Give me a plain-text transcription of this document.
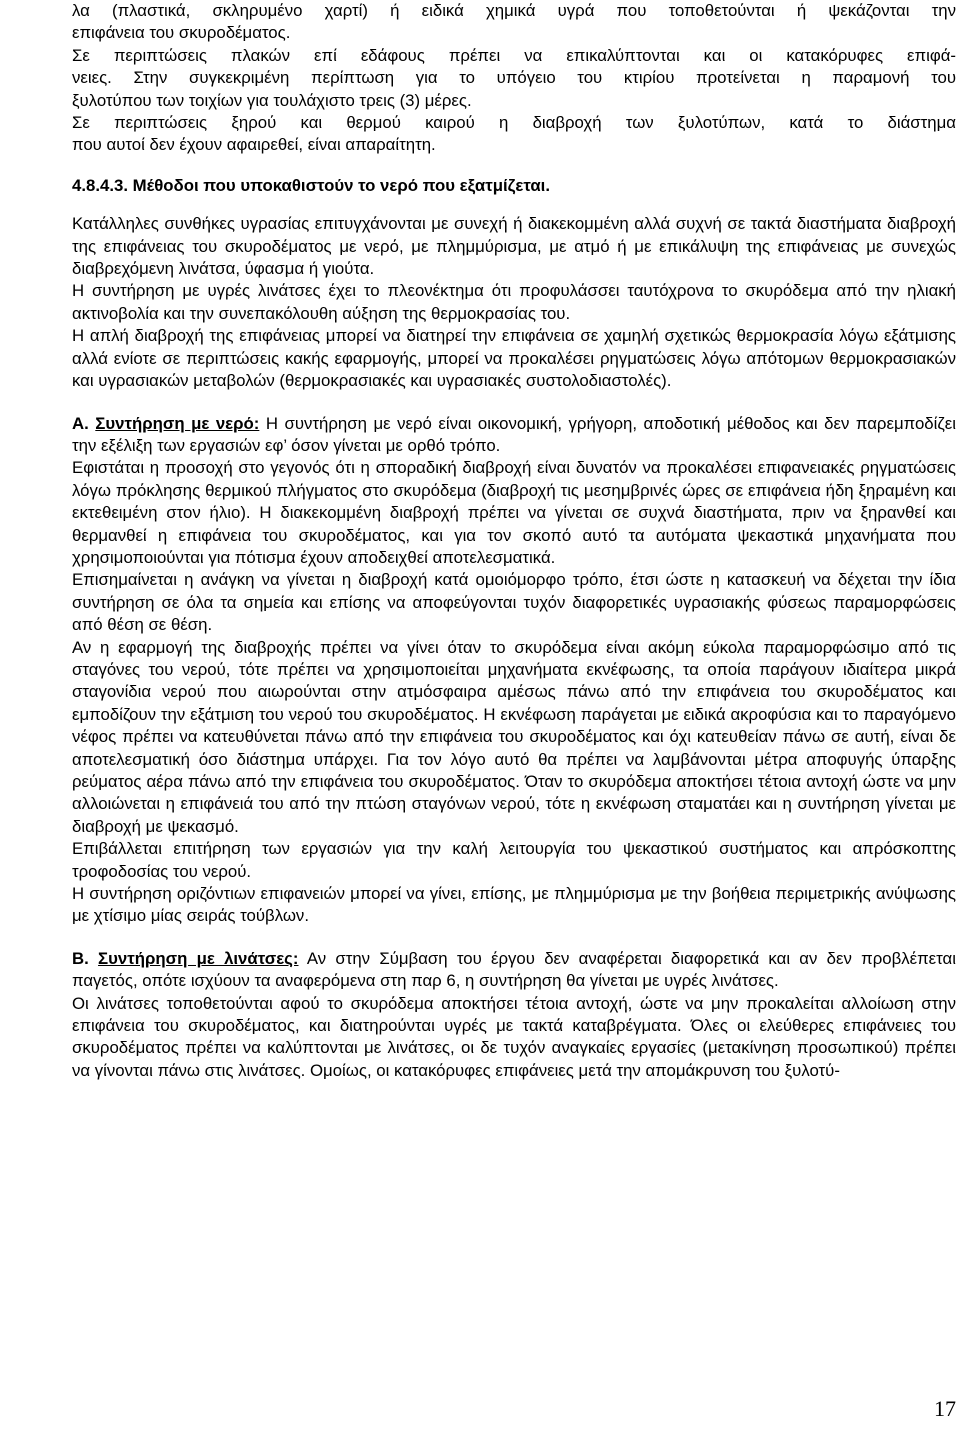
λα (πλαστικά, σκληρυμένο χαρτί) ή ειδικά χημικά υγρά που τοποθετούνται ή ψεκάζονται την
επιφάνεια του σκυροδέματος.
Σε περιπτώσεις πλακών επί εδάφους πρέπει να επικαλύπτονται και οι κατακόρυφες επιφά-
νειες. Στην συγκεκριμένη περίπτωση για το υπόγειο του κτιρίου προτείνεται η παραμονή του
ξυλοτύπου των τοιχίων για τουλάχιστο τρεις (3) μέρες.
Σε περιπτώσεις ξηρού και θερμού καιρού η διαβροχή των ξυλοτύπων, κατά το διάστημα
που αυτοί δεν έχουν αφαιρεθεί, είναι απαραίτητη.
4.8.4.3. Μέθοδοι που υποκαθιστούν το νερό που εξατμίζεται.

Κατάλληλες συνθήκες υγρασίας επιτυγχάνονται με συνεχή ή διακεκομμένη αλλά συχνή σε τακτά διαστήματα διαβροχή της επιφάνειας του σκυροδέματος με νερό, με πλημμύρισμα, με ατμό ή με επικάλυψη της επιφάνειας με συνεχώς διαβρεχόμενη λινάτσα, ύφασμα ή γιούτα.

Η συντήρηση με υγρές λινάτσες έχει το πλεονέκτημα ότι προφυλάσσει ταυτόχρονα το σκυρόδεμα από την ηλιακή ακτινοβολία και την συνεπακόλουθη αύξηση της θερμοκρασίας του.

Η απλή διαβροχή της επιφάνειας μπορεί να διατηρεί την επιφάνεια σε χαμηλή σχετικώς θερμοκρασία λόγω εξάτμισης αλλά ενίοτε σε περιπτώσεις κακής εφαρμογής, μπορεί να προκαλέσει ρηγματώσεις λόγω απότομων θερμοκρασιακών και υγρασιακών μεταβολών (θερμοκρασιακές και υγρασιακές συστολοδιαστολές).

Α. Συντήρηση με νερό: Η συντήρηση με νερό είναι οικονομική, γρήγορη, αποδοτική μέθοδος και δεν παρεμποδίζει την εξέλιξη των εργασιών εφ’ όσον γίνεται με ορθό τρόπο.

Εφιστάται η προσοχή στο γεγονός ότι η σποραδική διαβροχή είναι δυνατόν να προκαλέσει επιφανειακές ρηγματώσεις λόγω πρόκλησης θερμικού πλήγματος στο σκυρόδεμα (διαβροχή τις μεσημβρινές ώρες σε επιφάνεια ήδη ξηραμένη και εκτεθειμένη στον ήλιο). Η διακεκομμένη διαβροχή πρέπει να γίνεται σε συχνά διαστήματα, πριν να ξηρανθεί και θερμανθεί η επιφάνεια του σκυροδέματος, και για τον σκοπό αυτό τα αυτόματα ψεκαστικά μηχανήματα που χρησιμοποιούνται για πότισμα έχουν αποδειχθεί αποτελεσματικά.

Επισημαίνεται η ανάγκη να γίνεται η διαβροχή κατά ομοιόμορφο τρόπο, έτσι ώστε η κατασκευή να δέχεται την ίδια συντήρηση σε όλα τα σημεία και επίσης να αποφεύγονται τυχόν διαφορετικές υγρασιακής φύσεως παραμορφώσεις από θέση σε θέση.

Αν η εφαρμογή της διαβροχής πρέπει να γίνει όταν το σκυρόδεμα είναι ακόμη εύκολα παραμορφώσιμο από τις σταγόνες του νερού, τότε πρέπει να χρησιμοποιείται μηχανήματα εκνέφωσης, τα οποία παράγουν ιδιαίτερα μικρά σταγονίδια νερού που αιωρούνται στην ατμόσφαιρα αμέσως πάνω από την επιφάνεια του σκυροδέματος και εμποδίζουν την εξάτμιση του νερού του σκυροδέματος. Η εκνέφωση παράγεται με ειδικά ακροφύσια και το παραγόμενο νέφος πρέπει να κατευθύνεται πάνω από την επιφάνεια του σκυροδέματος και όχι κατευθείαν πάνω σε αυτή, είναι δε αποτελεσματική όσο διάστημα υπάρχει. Για τον λόγο αυτό θα πρέπει να λαμβάνονται μέτρα αποφυγής ύπαρξης ρεύματος αέρα πάνω από την επιφάνεια του σκυροδέματος. Όταν το σκυρόδεμα αποκτήσει τέτοια αντοχή ώστε να μην αλλοιώνεται η επιφάνειά του από την πτώση σταγόνων νερού, τότε η εκνέφωση σταματάει και η συντήρηση γίνεται με διαβροχή με ψεκασμό.

Επιβάλλεται επιτήρηση των εργασιών για την καλή λειτουργία του ψεκαστικού συστήματος και απρόσκοπτης τροφοδοσίας του νερού.

Η συντήρηση οριζόντιων επιφανειών μπορεί να γίνει, επίσης, με πλημμύρισμα με την βοήθεια περιμετρικής ανύψωσης με χτίσιμο μίας σειράς τούβλων.

Β. Συντήρηση με λινάτσες: Αν στην Σύμβαση του έργου δεν αναφέρεται διαφορετικά και αν δεν προβλέπεται παγετός, οπότε ισχύουν τα αναφερόμενα στη παρ 6, η συντήρηση θα γίνεται με υγρές λινάτσες.

Οι λινάτσες τοποθετούνται αφού το σκυρόδεμα αποκτήσει τέτοια αντοχή, ώστε να μην προκαλείται αλλοίωση στην επιφάνεια του σκυροδέματος, και διατηρούνται υγρές με τακτά καταβρέγματα. Όλες οι ελεύθερες επιφάνειες του σκυροδέματος πρέπει να καλύπτονται με λινάτσες, οι δε τυχόν αναγκαίες εργασίες (μετακίνηση προσωπικού) πρέπει να γίνονται πάνω στις λινάτσες. Ομοίως, οι κατακόρυφες επιφάνειες μετά την απομάκρυνση του ξυλοτύ-

17
